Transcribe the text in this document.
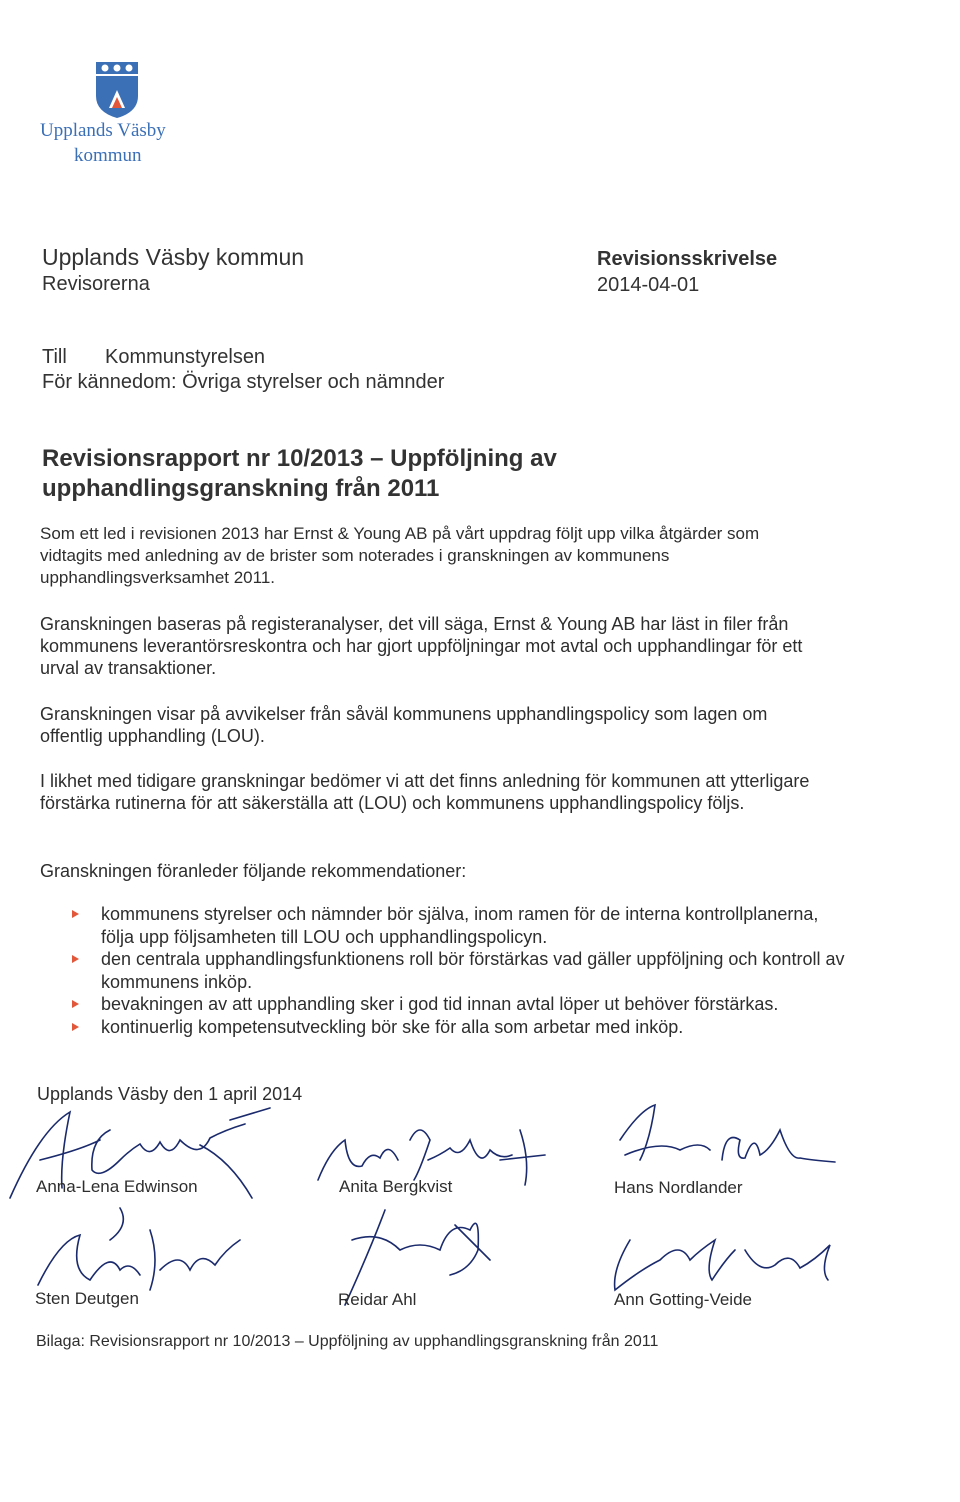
Upplands Väsby
kommun
Upplands Väsby kommun
Revisorerna
Revisionsskrivelse
2014-04-01
Till Kommunstyrelsen
För kännedom: Övriga styrelser och nämnder
Revisionsrapport nr 10/2013 – Uppföljning av
upphandlingsgranskning från 2011
Som ett led i revisionen 2013 har Ernst & Young AB på vårt uppdrag följt upp vilka åtgärder som vidtagits med anledning av de brister som noterades i granskningen av kommunens upphandlingsverksamhet 2011.
Granskningen baseras på registeranalyser, det vill säga, Ernst & Young AB har läst in filer från kommunens leverantörsreskontra och har gjort uppföljningar mot avtal och upphandlingar för ett urval av transaktioner.
Granskningen visar på avvikelser från såväl kommunens upphandlingspolicy som lagen om offentlig upphandling (LOU).
I likhet med tidigare granskningar bedömer vi att det finns anledning för kommunen att ytterligare förstärka rutinerna för att säkerställa att (LOU) och kommunens upphandlingspolicy följs.
Granskningen föranleder följande rekommendationer:
kommunens styrelser och nämnder bör själva, inom ramen för de interna kontrollplanerna, följa upp följsamheten till LOU och upphandlingspolicyn.
den centrala upphandlingsfunktionens roll bör förstärkas vad gäller uppföljning och kontroll av kommunens inköp.
bevakningen av att upphandling sker i god tid innan avtal löper ut behöver förstärkas.
kontinuerlig kompetensutveckling bör ske för alla som arbetar med inköp.
Upplands Väsby den 1 april 2014
Anna-Lena Edwinson	Anita Bergkvist	Hans Nordlander
Sten Deutgen	Reidar Ahl	Ann Gotting-Veide
Bilaga: Revisionsrapport nr 10/2013 – Uppföljning av upphandlingsgranskning från 2011
